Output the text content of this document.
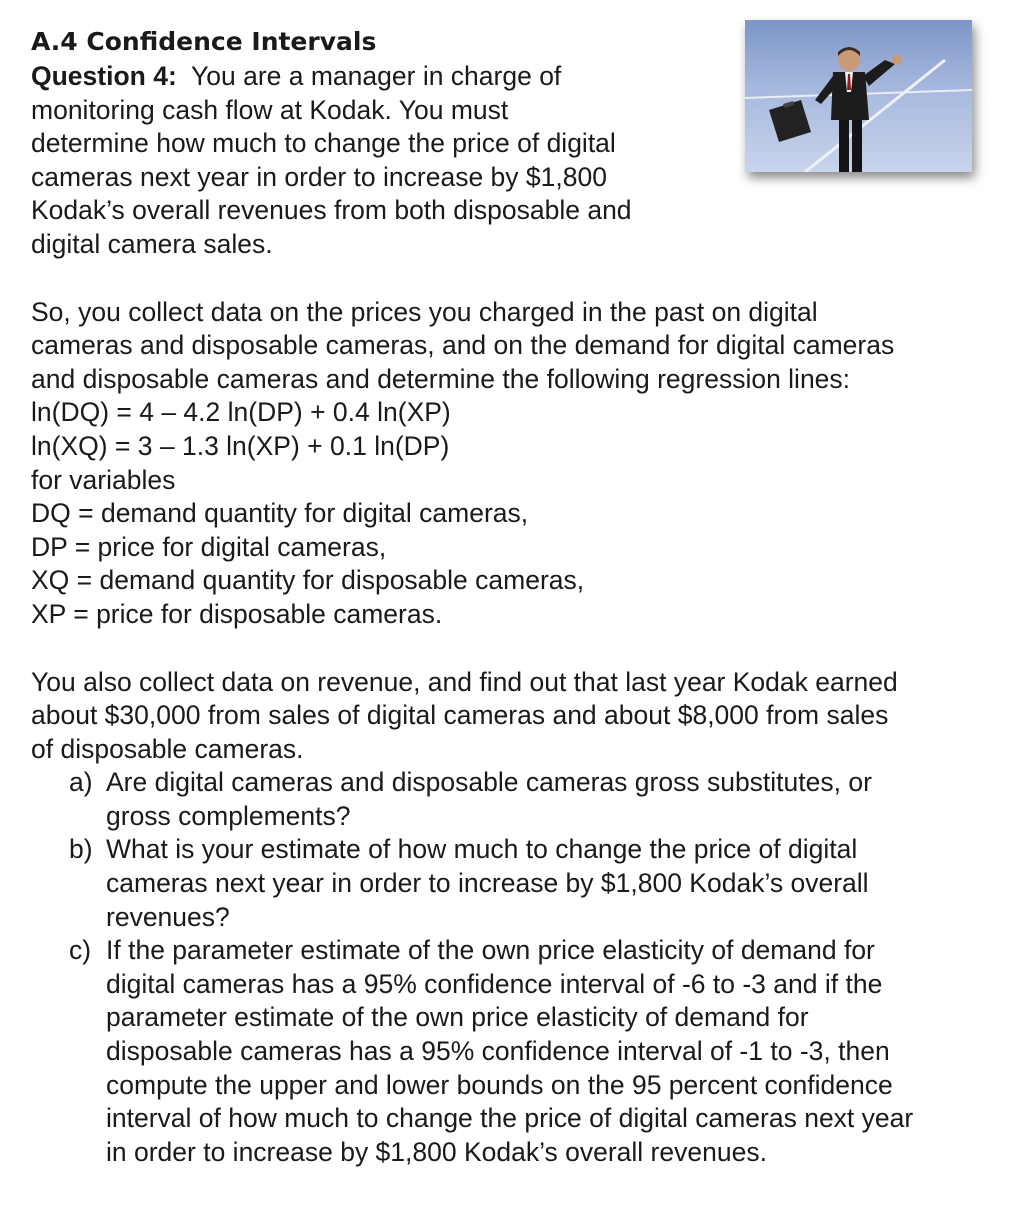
A.4 Confidence Intervals
Question 4: You are a manager in charge of
monitoring cash flow at Kodak. You must
determine how much to change the price of digital
cameras next year in order to increase by $1,800
Kodak’s overall revenues from both disposable and
digital camera sales.
So, you collect data on the prices you charged in the past on digital
cameras and disposable cameras, and on the demand for digital cameras
and disposable cameras and determine the following regression lines:
ln(DQ) = 4 – 4.2 ln(DP) + 0.4 ln(XP)
ln(XQ) = 3 – 1.3 ln(XP) + 0.1 ln(DP)
for variables
DQ = demand quantity for digital cameras,
DP = price for digital cameras,
XQ = demand quantity for disposable cameras,
XP = price for disposable cameras.
You also collect data on revenue, and find out that last year Kodak earned
about $30,000 from sales of digital cameras and about $8,000 from sales
of disposable cameras.
a) Are digital cameras and disposable cameras gross substitutes, or
gross complements?
b) What is your estimate of how much to change the price of digital
cameras next year in order to increase by $1,800 Kodak’s overall
revenues?
c) If the parameter estimate of the own price elasticity of demand for
digital cameras has a 95% confidence interval of -6 to -3 and if the
parameter estimate of the own price elasticity of demand for
disposable cameras has a 95% confidence interval of -1 to -3, then
compute the upper and lower bounds on the 95 percent confidence
interval of how much to change the price of digital cameras next year
in order to increase by $1,800 Kodak’s overall revenues.
